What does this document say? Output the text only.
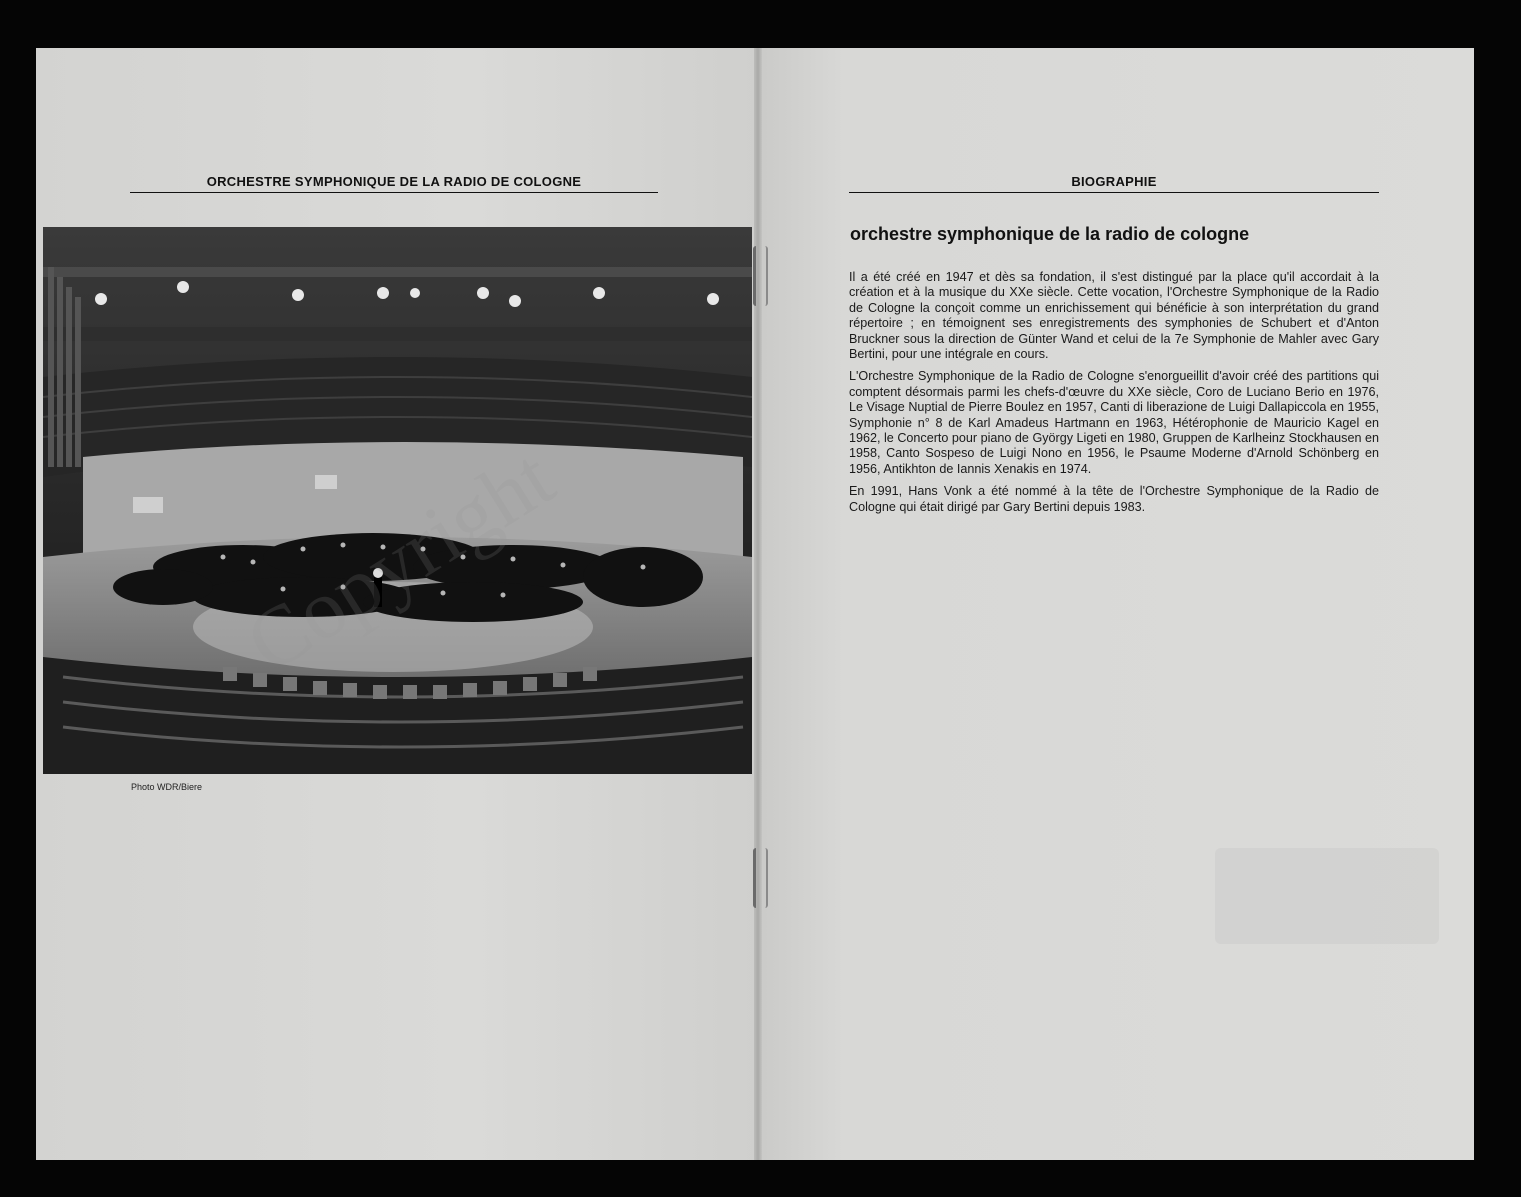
ORCHESTRE SYMPHONIQUE DE LA RADIO DE COLOGNE	BIOGRAPHIE
Photo WDR/Biere
orchestre symphonique de la radio de cologne

Il a été créé en 1947 et dès sa fondation, il s'est distingué par la place qu'il accordait à la création et à la musique du XXe siècle. Cette vocation, l'Orchestre Symphonique de la Radio de Cologne la conçoit comme un enrichissement qui bénéficie à son interprétation du grand répertoire ; en témoignent ses enregistrements des symphonies de Schubert et d'Anton Bruckner sous la direction de Günter Wand et celui de la 7e Symphonie de Mahler avec Gary Bertini, pour une intégrale en cours.

L'Orchestre Symphonique de la Radio de Cologne s'enorgueillit d'avoir créé des partitions qui comptent désormais parmi les chefs-d'œuvre du XXe siècle, Coro de Luciano Berio en 1976, Le Visage Nuptial de Pierre Boulez en 1957, Canti di liberazione de Luigi Dallapiccola en 1955, Symphonie n° 8 de Karl Amadeus Hartmann en 1963, Hétérophonie de Mauricio Kagel en 1962, le Concerto pour piano de György Ligeti en 1980, Gruppen de Karlheinz Stockhausen en 1958, Canto Sospeso de Luigi Nono en 1956, le Psaume Moderne d'Arnold Schönberg en 1956, Antikhton de Iannis Xenakis en 1974.

En 1991, Hans Vonk a été nommé à la tête de l'Orchestre Symphonique de la Radio de Cologne qui était dirigé par Gary Bertini depuis 1983.
